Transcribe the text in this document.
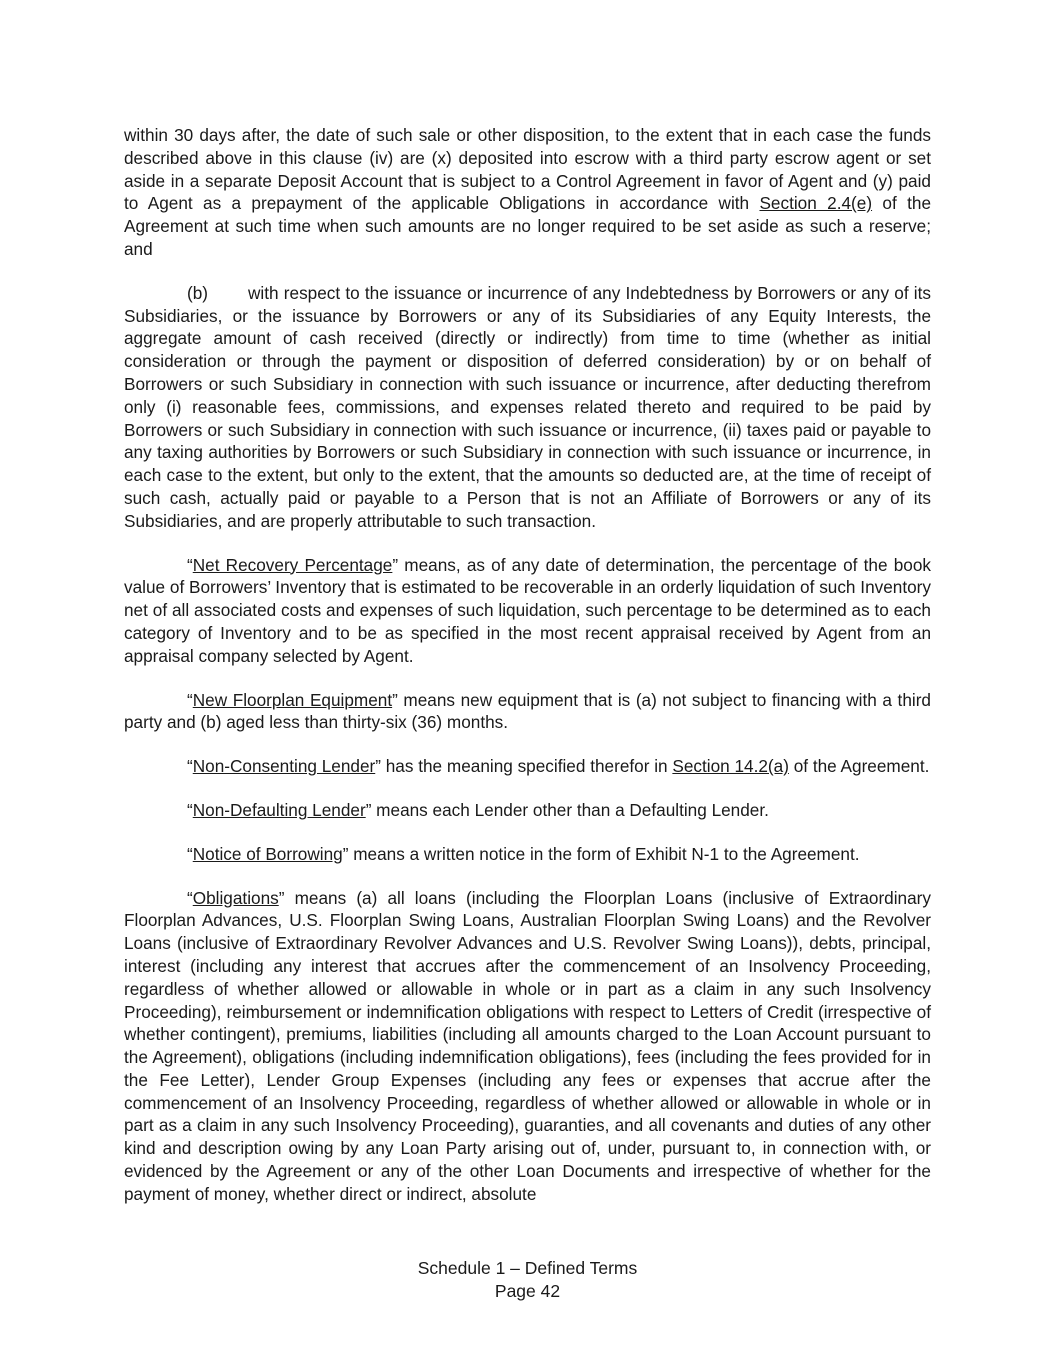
within 30 days after, the date of such sale or other disposition, to the extent that in each case the funds described above in this clause (iv) are (x) deposited into escrow with a third party escrow agent or set aside in a separate Deposit Account that is subject to a Control Agreement in favor of Agent and (y) paid to Agent as a prepayment of the applicable Obligations in accordance with Section 2.4(e) of the Agreement at such time when such amounts are no longer required to be set aside as such a reserve; and

(b) with respect to the issuance or incurrence of any Indebtedness by Borrowers or any of its Subsidiaries, or the issuance by Borrowers or any of its Subsidiaries of any Equity Interests, the aggregate amount of cash received (directly or indirectly) from time to time (whether as initial consideration or through the payment or disposition of deferred consideration) by or on behalf of Borrowers or such Subsidiary in connection with such issuance or incurrence, after deducting therefrom only (i) reasonable fees, commissions, and expenses related thereto and required to be paid by Borrowers or such Subsidiary in connection with such issuance or incurrence, (ii) taxes paid or payable to any taxing authorities by Borrowers or such Subsidiary in connection with such issuance or incurrence, in each case to the extent, but only to the extent, that the amounts so deducted are, at the time of receipt of such cash, actually paid or payable to a Person that is not an Affiliate of Borrowers or any of its Subsidiaries, and are properly attributable to such transaction.

“Net Recovery Percentage” means, as of any date of determination, the percentage of the book value of Borrowers’ Inventory that is estimated to be recoverable in an orderly liquidation of such Inventory net of all associated costs and expenses of such liquidation, such percentage to be determined as to each category of Inventory and to be as specified in the most recent appraisal received by Agent from an appraisal company selected by Agent.

“New Floorplan Equipment” means new equipment that is (a) not subject to financing with a third party and (b) aged less than thirty-six (36) months.

“Non-Consenting Lender” has the meaning specified therefor in Section 14.2(a) of the Agreement.

“Non-Defaulting Lender” means each Lender other than a Defaulting Lender.

“Notice of Borrowing” means a written notice in the form of Exhibit N-1 to the Agreement.

“Obligations” means (a) all loans (including the Floorplan Loans (inclusive of Extraordinary Floorplan Advances, U.S. Floorplan Swing Loans, Australian Floorplan Swing Loans) and the Revolver Loans (inclusive of Extraordinary Revolver Advances and U.S. Revolver Swing Loans)), debts, principal, interest (including any interest that accrues after the commencement of an Insolvency Proceeding, regardless of whether allowed or allowable in whole or in part as a claim in any such Insolvency Proceeding), reimbursement or indemnification obligations with respect to Letters of Credit (irrespective of whether contingent), premiums, liabilities (including all amounts charged to the Loan Account pursuant to the Agreement), obligations (including indemnification obligations), fees (including the fees provided for in the Fee Letter), Lender Group Expenses (including any fees or expenses that accrue after the commencement of an Insolvency Proceeding, regardless of whether allowed or allowable in whole or in part as a claim in any such Insolvency Proceeding), guaranties, and all covenants and duties of any other kind and description owing by any Loan Party arising out of, under, pursuant to, in connection with, or evidenced by the Agreement or any of the other Loan Documents and irrespective of whether for the payment of money, whether direct or indirect, absolute

Schedule 1 – Defined Terms
Page 42
